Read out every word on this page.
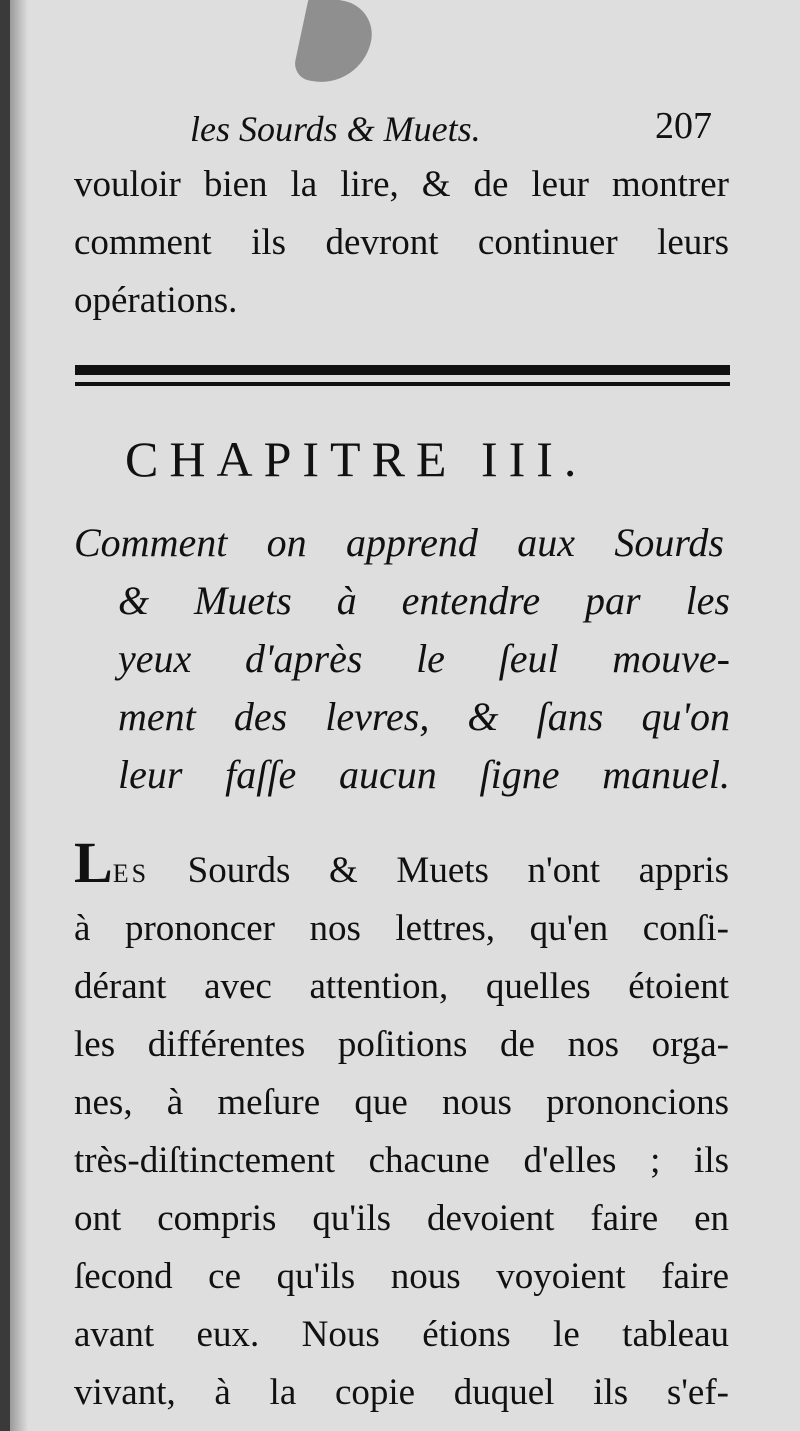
les Sourds & Muets.	207
vouloir bien la lire, & de leur montrer
comment ils devront continuer leurs
opérations.
CHAPITRE III.
Comment on apprend aux Sourds
& Muets à entendre par les
yeux d'après le ſeul mouve-
ment des levres, & ſans qu'on
leur faſſe aucun ſigne manuel.
LES Sourds & Muets n'ont appris
à prononcer nos lettres, qu'en conſi-
dérant avec attention, quelles étoient
les différentes poſitions de nos orga-
nes, à meſure que nous prononcions
très-diſtinctement chacune d'elles ; ils
ont compris qu'ils devoient faire en
ſecond ce qu'ils nous voyoient faire
avant eux. Nous étions le tableau
vivant, à la copie duquel ils s'ef-
